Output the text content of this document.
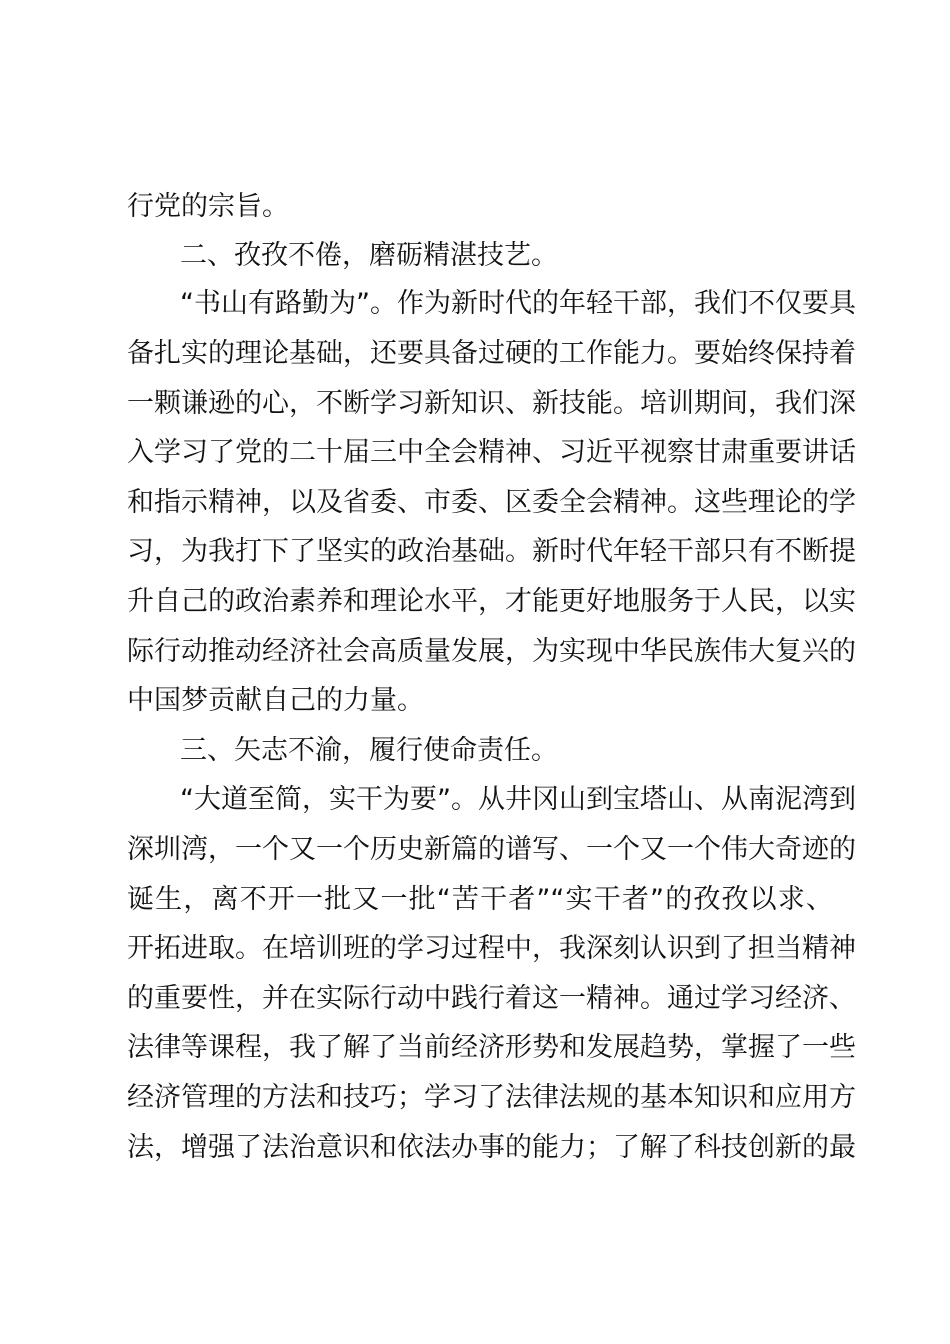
行党的宗旨。
二、孜孜不倦，磨砺精湛技艺。
“书山有路勤为”。作为新时代的年轻干部，我们不仅要具
备扎实的理论基础，还要具备过硬的工作能力。要始终保持着
一颗谦逊的心，不断学习新知识、新技能。培训期间，我们深
入学习了党的二十届三中全会精神、习近平视察甘肃重要讲话
和指示精神，以及省委、市委、区委全会精神。这些理论的学
习，为我打下了坚实的政治基础。新时代年轻干部只有不断提
升自己的政治素养和理论水平，才能更好地服务于人民，以实
际行动推动经济社会高质量发展，为实现中华民族伟大复兴的
中国梦贡献自己的力量。
三、矢志不渝，履行使命责任。
“大道至简，实干为要”。从井冈山到宝塔山、从南泥湾到
深圳湾，一个又一个历史新篇的谱写、一个又一个伟大奇迹的
诞生，离不开一批又一批“苦干者”“实干者”的孜孜以求、
开拓进取。在培训班的学习过程中，我深刻认识到了担当精神
的重要性，并在实际行动中践行着这一精神。通过学习经济、
法律等课程，我了解了当前经济形势和发展趋势，掌握了一些
经济管理的方法和技巧；学习了法律法规的基本知识和应用方
法，增强了法治意识和依法办事的能力；了解了科技创新的最
